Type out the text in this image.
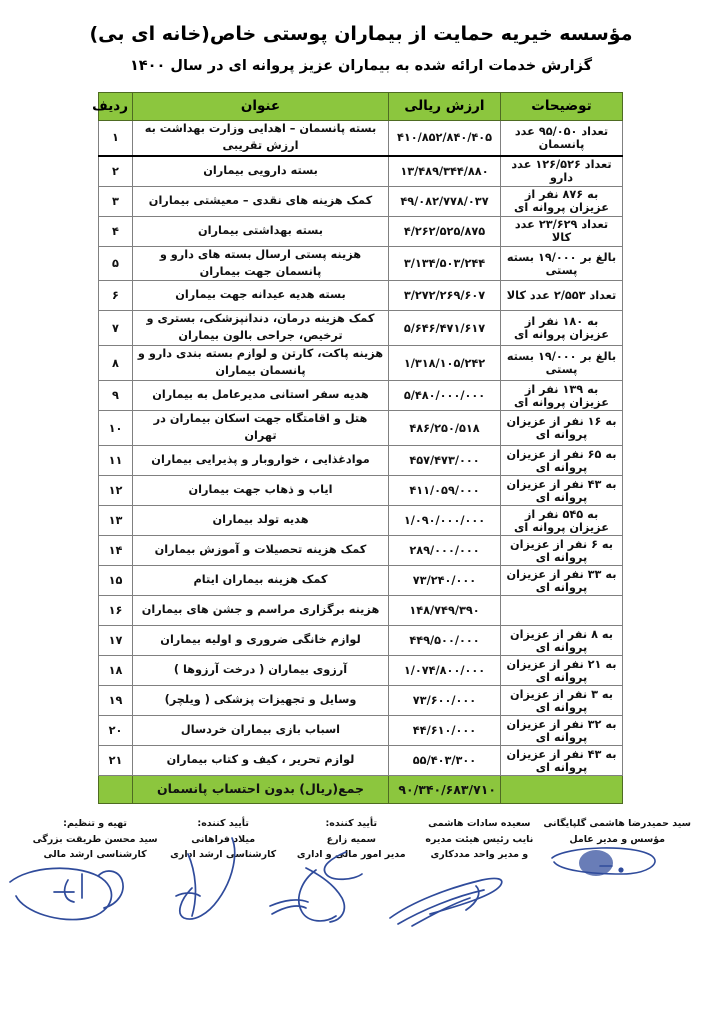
مؤسسه خیریه حمایت از بیماران پوستی خاص(خانه ای بی)
گزارش خدمات ارائه شده به بیماران عزیز پروانه ای در سال ۱۴۰۰
توضیحات	ارزش ریالی	عنوان	ردیف
تعداد ۹۵/۰۵۰ عدد پانسمان	۴۱۰/۸۵۲/۸۴۰/۴۰۵	بسته پانسمان – اهدایی وزارت بهداشت به ارزش تقریبی	۱
تعداد ۱۲۶/۵۲۶ عدد دارو	۱۳/۴۸۹/۳۴۴/۸۸۰	بسته دارویی بیماران	۲
به ۸۷۶ نفر از عزیزان پروانه ای	۴۹/۰۸۲/۷۷۸/۰۳۷	کمک هزینه های نقدی – معیشتی بیماران	۳
تعداد ۲۳/۶۲۹ عدد کالا	۴/۲۶۲/۵۲۵/۸۷۵	بسته بهداشتی بیماران	۴
بالغ بر ۱۹/۰۰۰ بسته پستی	۳/۱۳۴/۵۰۳/۲۴۴	هزینه پستی ارسال بسته های دارو و پانسمان جهت بیماران	۵
تعداد ۲/۵۵۳ عدد کالا	۳/۲۷۲/۲۶۹/۶۰۷	بسته هدیه عیدانه جهت بیماران	۶
به ۱۸۰ نفر از عزیزان پروانه ای	۵/۶۴۶/۴۷۱/۶۱۷	کمک هزینه درمان، دندانپزشکی، بستری و ترخیص، جراحی بالون بیماران	۷
بالغ بر ۱۹/۰۰۰ بسته پستی	۱/۳۱۸/۱۰۵/۲۴۲	هزینه پاکت، کارتن و لوازم بسته بندی دارو و پانسمان بیماران	۸
به ۱۳۹ نفر از عزیزان پروانه ای	۵/۴۸۰/۰۰۰/۰۰۰	هدیه سفر استانی مدیرعامل به بیماران	۹
به ۱۶ نفر از عزیزان پروانه ای	۴۸۶/۲۵۰/۵۱۸	هتل و اقامتگاه جهت اسکان بیماران در تهران	۱۰
به ۶۵ نفر از عزیزان پروانه ای	۴۵۷/۴۷۳/۰۰۰	موادغذایی ، خواروبار و پذیرایی بیماران	۱۱
به ۴۳ نفر از عزیزان پروانه ای	۴۱۱/۰۵۹/۰۰۰	ایاب و ذهاب جهت بیماران	۱۲
به ۵۴۵ نفر از عزیزان پروانه ای	۱/۰۹۰/۰۰۰/۰۰۰	هدیه تولد بیماران	۱۳
به ۶ نفر از عزیزان پروانه ای	۲۸۹/۰۰۰/۰۰۰	کمک هزینه تحصیلات و آموزش بیماران	۱۴
به ۳۳ نفر از عزیزان پروانه ای	۷۳/۲۴۰/۰۰۰	کمک هزینه بیماران ایتام	۱۵
	۱۴۸/۷۴۹/۳۹۰	هزینه برگزاری مراسم و جشن های بیماران	۱۶
به ۸ نفر از عزیزان پروانه ای	۴۴۹/۵۰۰/۰۰۰	لوازم خانگی ضروری و اولیه بیماران	۱۷
به ۲۱ نفر از عزیزان پروانه ای	۱/۰۷۴/۸۰۰/۰۰۰	آرزوی بیماران ( درخت آرزوها )	۱۸
به ۳ نفر از عزیزان پروانه ای	۷۳/۶۰۰/۰۰۰	وسایل و تجهیزات پزشکی ( ویلچر)	۱۹
به ۳۲ نفر از عزیزان پروانه ای	۴۴/۶۱۰/۰۰۰	اسباب بازی بیماران خردسال	۲۰
به ۴۳ نفر از عزیزان پروانه ای	۵۵/۴۰۳/۳۰۰	لوازم تحریر ، کیف و کتاب بیماران	۲۱
	۹۰/۳۴۰/۶۸۳/۷۱۰	جمع(ریال) بدون احتساب پانسمان	
سید حمیدرضا هاشمی گلپایگانی
مؤسس و مدیر عامل
سعیده سادات هاشمی
نایب رئیس هیئت مدیره
و مدیر واحد مددکاری
تأیید کننده:
سمیه زارع
مدیر امور مالی و اداری
تأیید کننده:
میلاد فراهانی
کارشناسی ارشد اداری
تهیه و تنظیم:
سید محسن طریقت بزرگی
کارشناسی ارشد مالی
